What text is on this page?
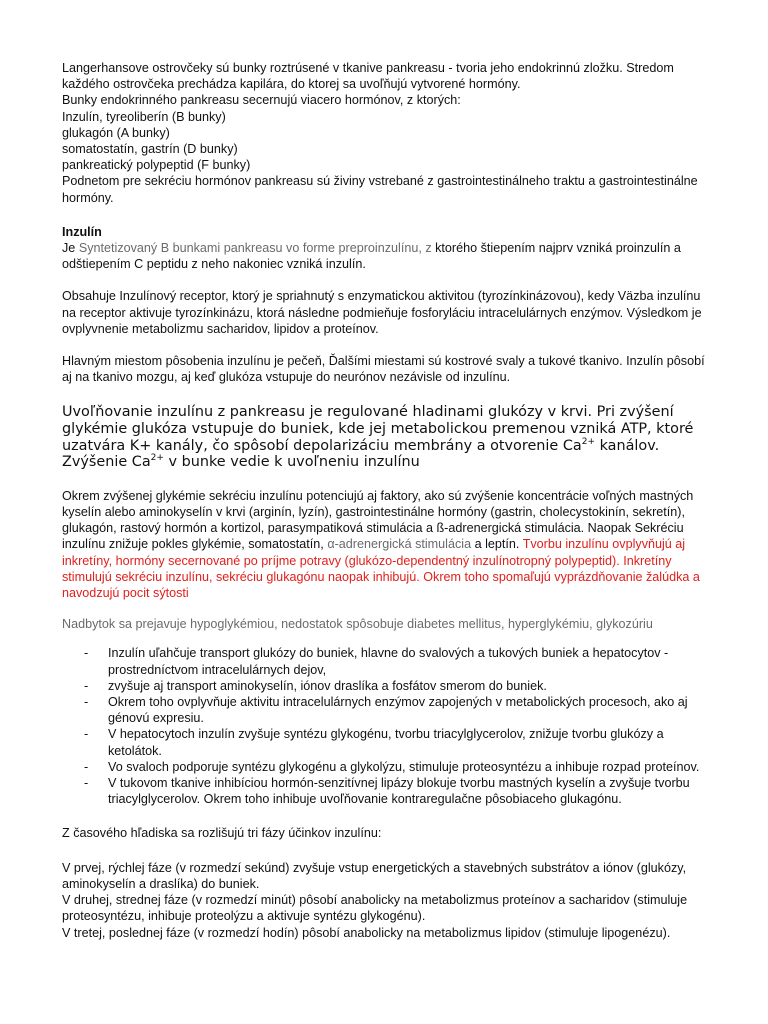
Langerhansove ostrovčeky sú bunky roztrúsené v tkanive pankreasu - tvoria jeho endokrinnú zložku. Stredom každého ostrovčeka prechádza kapilára, do ktorej sa uvoľňujú vytvorené hormóny.

Bunky endokrinného pankreasu secernujú viacero hormónov, z ktorých:

Inzulín, tyreoliberín (B bunky)

glukagón (A bunky)

somatostatín, gastrín (D bunky)

pankreatický polypeptid (F bunky)

Podnetom pre sekréciu hormónov pankreasu sú živiny vstrebané z gastrointestinálneho traktu a gastrointestinálne hormóny.

Inzulín

Je Syntetizovaný B bunkami pankreasu vo forme preproinzulínu, z ktorého štiepením najprv vzniká proinzulín a odštiepením C peptidu z neho nakoniec vzniká inzulín.

Obsahuje Inzulínový receptor, ktorý je spriahnutý s enzymatickou aktivitou (tyrozínkinázovou), kedy Väzba inzulínu na receptor aktivuje tyrozínkinázu, ktorá následne podmieňuje fosforyláciu intracelulárnych enzýmov. Výsledkom je ovplyvnenie metabolizmu sacharidov, lipidov a proteínov.

Hlavným miestom pôsobenia inzulínu je pečeň, Ďalšími miestami sú kostrové svaly a tukové tkanivo. Inzulín pôsobí aj na tkanivo mozgu, aj keď glukóza vstupuje do neurónov nezávisle od inzulínu.

Uvoľňovanie inzulínu z pankreasu je regulované hladinami glukózy v krvi. Pri zvýšení glykémie glukóza vstupuje do buniek, kde jej metabolickou premenou vzniká ATP, ktoré uzatvára K+ kanály, čo spôsobí depolarizáciu membrány a otvorenie $Ca^{2+}$ kanálov. Zvýšenie $Ca^{2+}$ v bunke vedie k uvoľneniu inzulínu

Okrem zvýšenej glykémie sekréciu inzulínu potenciujú aj faktory, ako sú zvýšenie koncentrácie voľných mastných kyselín alebo aminokyselín v krvi (arginín, lyzín), gastrointestinálne hormóny (gastrin, cholecystokinín, sekretín), glukagón, rastový hormón a kortizol, parasympatiková stimulácia a ß-adrenergická stimulácia. Naopak Sekréciu inzulínu znižuje pokles glykémie, somatostatín, α-adrenergická stimulácia a leptín. Tvorbu inzulínu ovplyvňujú aj inkretíny, hormóny secernované po príjme potravy (glukózo-dependentný inzulínotropný polypeptid). Inkretíny stimulujú sekréciu inzulínu, sekréciu glukagónu naopak inhibujú. Okrem toho spomaľujú vyprázdňovanie žalúdka a navodzujú pocit sýtosti

Nadbytok sa prejavuje hypoglykémiou, nedostatok spôsobuje diabetes mellitus, hyperglykémiu, glykozúriu

- Inzulín uľahčuje transport glukózy do buniek, hlavne do svalových a tukových buniek a hepatocytov - prostredníctvom intracelulárnych dejov,
- zvyšuje aj transport aminokyselín, iónov draslíka a fosfátov smerom do buniek.
- Okrem toho ovplyvňuje aktivitu intracelulárnych enzýmov zapojených v metabolických procesoch, ako aj génovú expresiu.
- V hepatocytoch inzulín zvyšuje syntézu glykogénu, tvorbu triacylglycerolov, znižuje tvorbu glukózy a ketolátok.
- Vo svaloch podporuje syntézu glykogénu a glykolýzu, stimuluje proteosyntézu a inhibuje rozpad proteínov.
- V tukovom tkanive inhibíciou hormón-senzitívnej lipázy blokuje tvorbu mastných kyselín a zvyšuje tvorbu triacylglycerolov. Okrem toho inhibuje uvoľňovanie kontraregulačne pôsobiaceho glukagónu.

Z časového hľadiska sa rozlišujú tri fázy účinkov inzulínu:

V prvej, rýchlej fáze (v rozmedzí sekúnd) zvyšuje vstup energetických a stavebných substrátov a iónov (glukózy, aminokyselín a draslíka) do buniek.

V druhej, strednej fáze (v rozmedzí minút) pôsobí anabolicky na metabolizmus proteínov a sacharidov (stimuluje proteosyntézu, inhibuje proteolýzu a aktivuje syntézu glykogénu).

V tretej, poslednej fáze (v rozmedzí hodín) pôsobí anabolicky na metabolizmus lipidov (stimuluje lipogenézu).
